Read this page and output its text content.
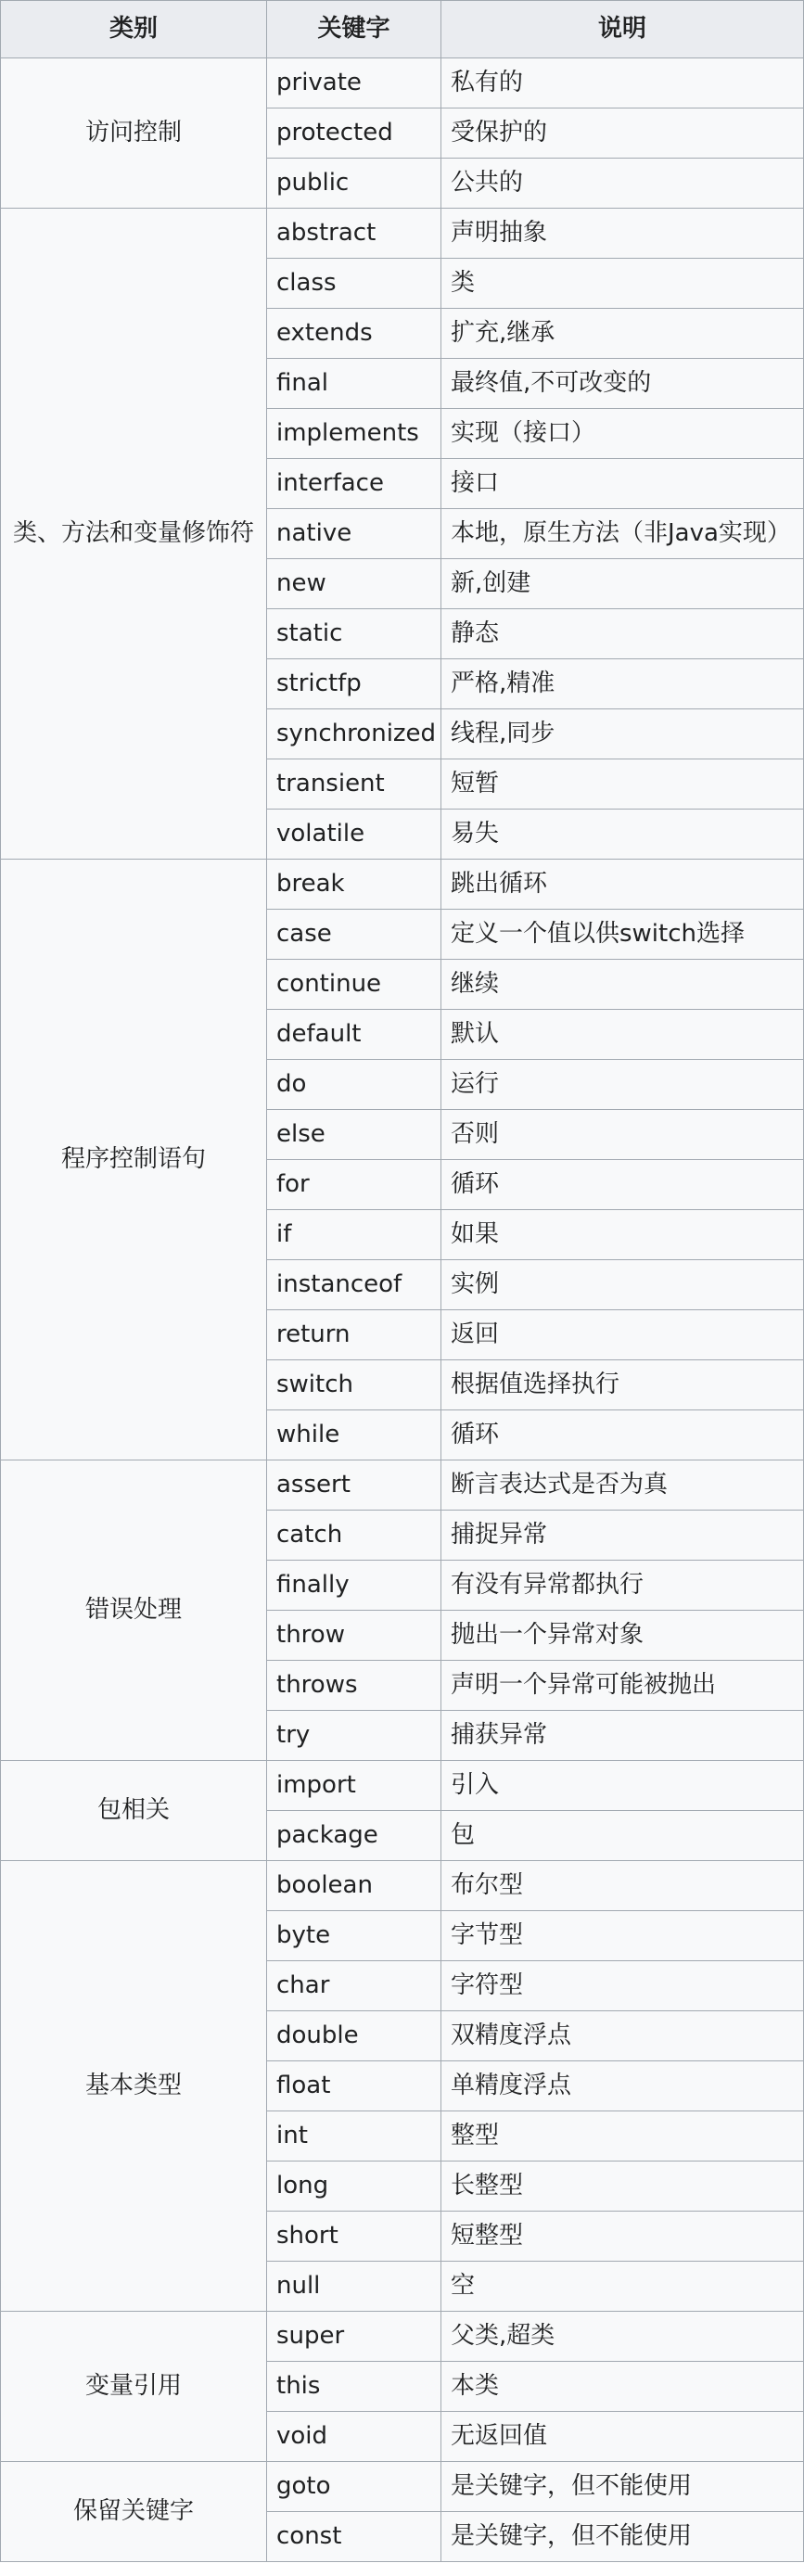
类别	关键字	说明
访问控制	private	私有的
	protected	受保护的
	public	公共的
类、方法和变量修饰符	abstract	声明抽象
	class	类
	extends	扩充,继承
	final	最终值,不可改变的
	implements	实现（接口）
	interface	接口
	native	本地，原生方法（非Java实现）
	new	新,创建
	static	静态
	strictfp	严格,精准
	synchronized	线程,同步
	transient	短暂
	volatile	易失
程序控制语句	break	跳出循环
	case	定义一个值以供switch选择
	continue	继续
	default	默认
	do	运行
	else	否则
	for	循环
	if	如果
	instanceof	实例
	return	返回
	switch	根据值选择执行
	while	循环
错误处理	assert	断言表达式是否为真
	catch	捕捉异常
	finally	有没有异常都执行
	throw	抛出一个异常对象
	throws	声明一个异常可能被抛出
	try	捕获异常
包相关	import	引入
	package	包
基本类型	boolean	布尔型
	byte	字节型
	char	字符型
	double	双精度浮点
	float	单精度浮点
	int	整型
	long	长整型
	short	短整型
	null	空
变量引用	super	父类,超类
	this	本类
	void	无返回值
保留关键字	goto	是关键字，但不能使用
	const	是关键字，但不能使用
